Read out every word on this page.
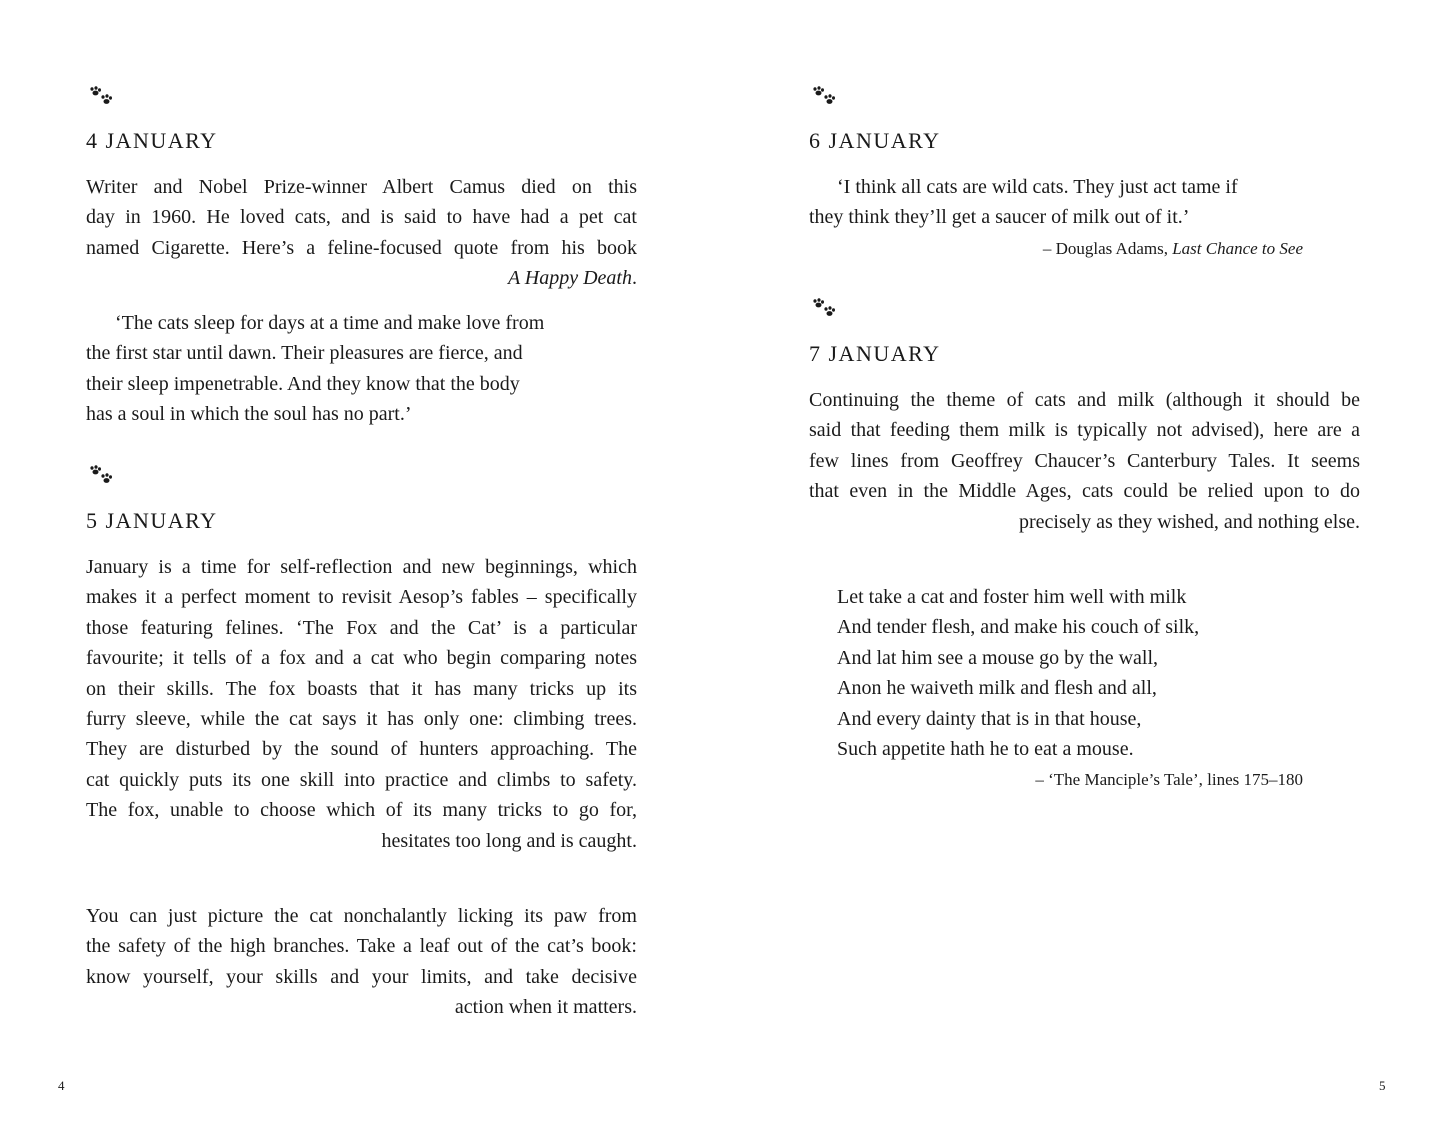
4 JANUARY
Writer and Nobel Prize-winner Albert Camus died on this
day in 1960. He loved cats, and is said to have had a pet cat
named Cigarette. Here’s a feline-focused quote from his book
A Happy Death.
‘The cats sleep for days at a time and make love from
the first star until dawn. Their pleasures are fierce, and
their sleep impenetrable. And they know that the body
has a soul in which the soul has no part.’
5 JANUARY
January is a time for self-reflection and new beginnings, which
makes it a perfect moment to revisit Aesop’s fables – specifically
those featuring felines. ‘The Fox and the Cat’ is a particular
favourite; it tells of a fox and a cat who begin comparing notes
on their skills. The fox boasts that it has many tricks up its
furry sleeve, while the cat says it has only one: climbing trees.
They are disturbed by the sound of hunters approaching. The
cat quickly puts its one skill into practice and climbs to safety.
The fox, unable to choose which of its many tricks to go for,
hesitates too long and is caught.
You can just picture the cat nonchalantly licking its paw from
the safety of the high branches. Take a leaf out of the cat’s book:
know yourself, your skills and your limits, and take decisive
action when it matters.
4
6 JANUARY
‘I think all cats are wild cats. They just act tame if
they think they’ll get a saucer of milk out of it.’
– Douglas Adams, Last Chance to See
7 JANUARY
Continuing the theme of cats and milk (although it should be
said that feeding them milk is typically not advised), here are a
few lines from Geoffrey Chaucer’s Canterbury Tales. It seems
that even in the Middle Ages, cats could be relied upon to do
precisely as they wished, and nothing else.
Let take a cat and foster him well with milk
And tender flesh, and make his couch of silk,
And lat him see a mouse go by the wall,
Anon he waiveth milk and flesh and all,
And every dainty that is in that house,
Such appetite hath he to eat a mouse.
– ‘The Manciple’s Tale’, lines 175–180
5
